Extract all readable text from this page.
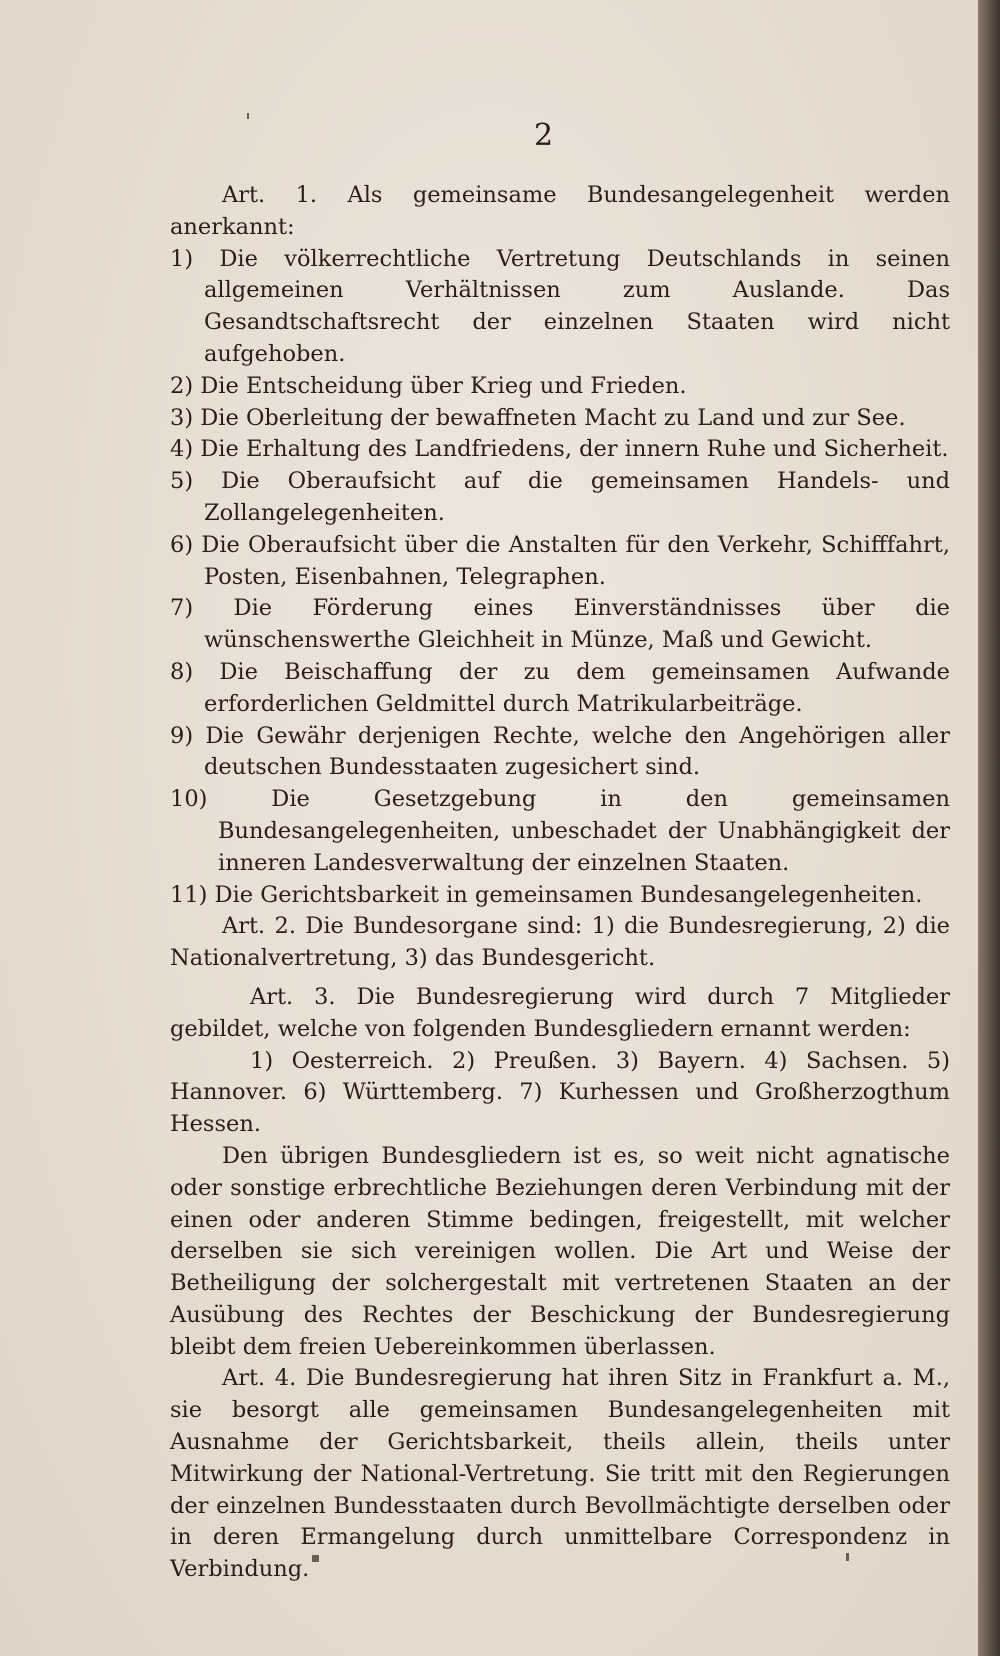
2

Art. 1. Als gemeinsame Bundesangelegenheit werden anerkannt:

1) Die völkerrechtliche Vertretung Deutschlands in seinen allgemeinen Verhältnissen zum Auslande. Das Gesandtschaftsrecht der einzelnen Staaten wird nicht aufgehoben.

2) Die Entscheidung über Krieg und Frieden.

3) Die Oberleitung der bewaffneten Macht zu Land und zur See.

4) Die Erhaltung des Landfriedens, der innern Ruhe und Sicherheit.

5) Die Oberaufsicht auf die gemeinsamen Handels- und Zollangelegenheiten.

6) Die Oberaufsicht über die Anstalten für den Verkehr, Schifffahrt, Posten, Eisenbahnen, Telegraphen.

7) Die Förderung eines Einverständnisses über die wünschenswerthe Gleichheit in Münze, Maß und Gewicht.

8) Die Beischaffung der zu dem gemeinsamen Aufwande erforderlichen Geldmittel durch Matrikularbeiträge.

9) Die Gewähr derjenigen Rechte, welche den Angehörigen aller deutschen Bundesstaaten zugesichert sind.

10) Die Gesetzgebung in den gemeinsamen Bundesangelegenheiten, unbeschadet der Unabhängigkeit der inneren Landesverwaltung der einzelnen Staaten.

11) Die Gerichtsbarkeit in gemeinsamen Bundesangelegenheiten.

Art. 2. Die Bundesorgane sind: 1) die Bundesregierung, 2) die Nationalvertretung, 3) das Bundesgericht.

Art. 3. Die Bundesregierung wird durch 7 Mitglieder gebildet, welche von folgenden Bundesgliedern ernannt werden:

1) Oesterreich. 2) Preußen. 3) Bayern. 4) Sachsen. 5) Hannover. 6) Württemberg. 7) Kurhessen und Großherzogthum Hessen.

Den übrigen Bundesgliedern ist es, so weit nicht agnatische oder sonstige erbrechtliche Beziehungen deren Verbindung mit der einen oder anderen Stimme bedingen, freigestellt, mit welcher derselben sie sich vereinigen wollen. Die Art und Weise der Betheiligung der solchergestalt mit vertretenen Staaten an der Ausübung des Rechtes der Beschickung der Bundesregierung bleibt dem freien Uebereinkommen überlassen.

Art. 4. Die Bundesregierung hat ihren Sitz in Frankfurt a. M., sie besorgt alle gemeinsamen Bundesangelegenheiten mit Ausnahme der Gerichtsbarkeit, theils allein, theils unter Mitwirkung der National-Vertretung. Sie tritt mit den Regierungen der einzelnen Bundesstaaten durch Bevollmächtigte derselben oder in deren Ermangelung durch unmittelbare Correspondenz in Verbindung.
